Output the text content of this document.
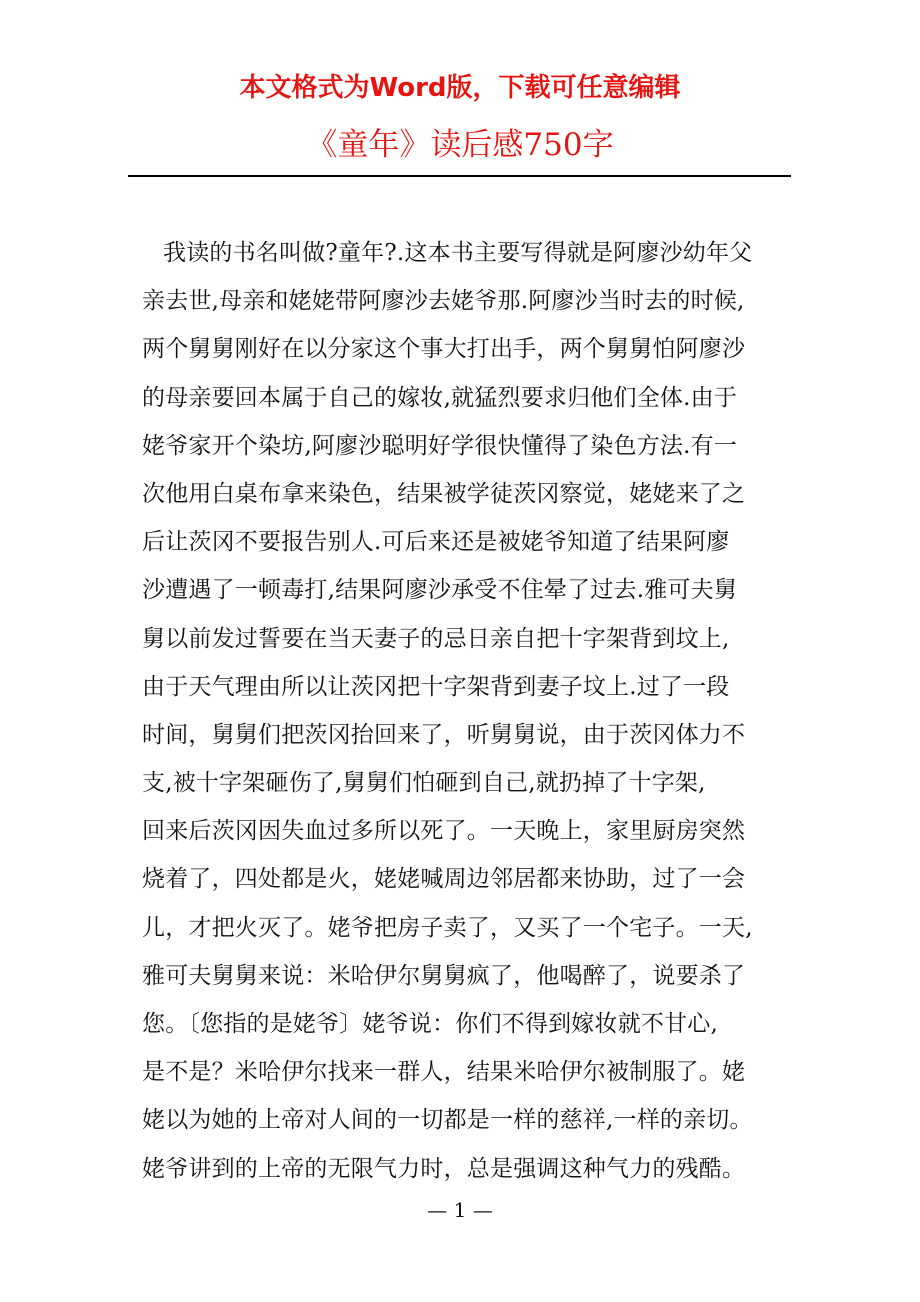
本文格式为Word版，下载可任意编辑
《童年》读后感750字
我读的书名叫做?童年?.这本书主要写得就是阿廖沙幼年父
亲去世,母亲和姥姥带阿廖沙去姥爷那.阿廖沙当时去的时候,
两个舅舅刚好在以分家这个事大打出手，两个舅舅怕阿廖沙
的母亲要回本属于自己的嫁妆,就猛烈要求归他们全体.由于
姥爷家开个染坊,阿廖沙聪明好学很快懂得了染色方法.有一
次他用白桌布拿来染色，结果被学徒茨冈察觉，姥姥来了之
后让茨冈不要报告别人.可后来还是被姥爷知道了结果阿廖
沙遭遇了一顿毒打,结果阿廖沙承受不住晕了过去.雅可夫舅
舅以前发过誓要在当天妻子的忌日亲自把十字架背到坟上,
由于天气理由所以让茨冈把十字架背到妻子坟上.过了一段
时间，舅舅们把茨冈抬回来了，听舅舅说，由于茨冈体力不
支,被十字架砸伤了,舅舅们怕砸到自己,就扔掉了十字架,
回来后茨冈因失血过多所以死了。一天晚上，家里厨房突然
烧着了，四处都是火，姥姥喊周边邻居都来协助，过了一会
儿，才把火灭了。姥爷把房子卖了，又买了一个宅子。一天,
雅可夫舅舅来说：米哈伊尔舅舅疯了，他喝醉了，说要杀了
您。〔您指的是姥爷〕姥爷说：你们不得到嫁妆就不甘心,
是不是？米哈伊尔找来一群人，结果米哈伊尔被制服了。姥
姥以为她的上帝对人间的一切都是一样的慈祥,一样的亲切。
姥爷讲到的上帝的无限气力时，总是强调这种气力的残酷。
— 1 —
